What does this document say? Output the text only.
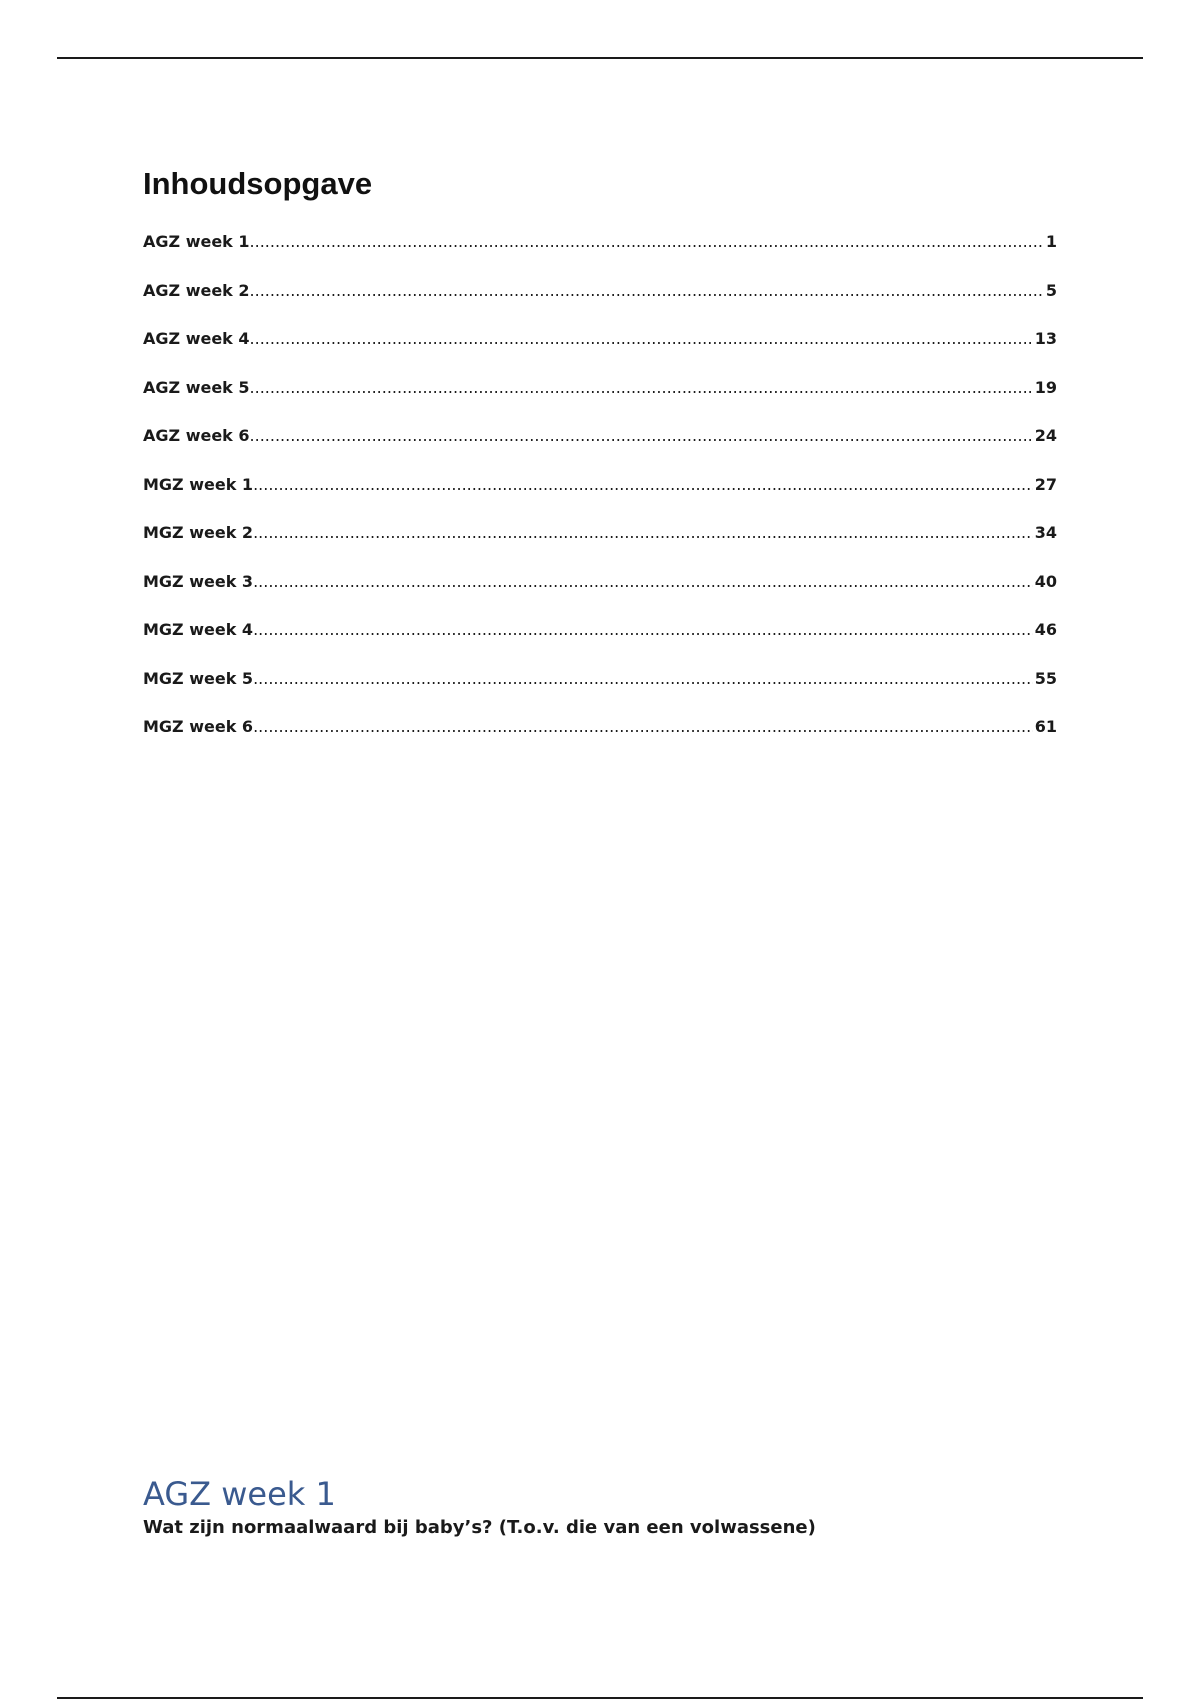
Inhoudsopgave
AGZ week 1 .....	1
AGZ week 2 .....	5
AGZ week 4 .....	13
AGZ week 5 .....	19
AGZ week 6 .....	24
MGZ week 1 .....	27
MGZ week 2 .....	34
MGZ week 3 .....	40
MGZ week 4 .....	46
MGZ week 5 .....	55
MGZ week 6 .....	61
AGZ week 1

Wat zijn normaalwaard bij baby’s? (T.o.v. die van een volwassene)
